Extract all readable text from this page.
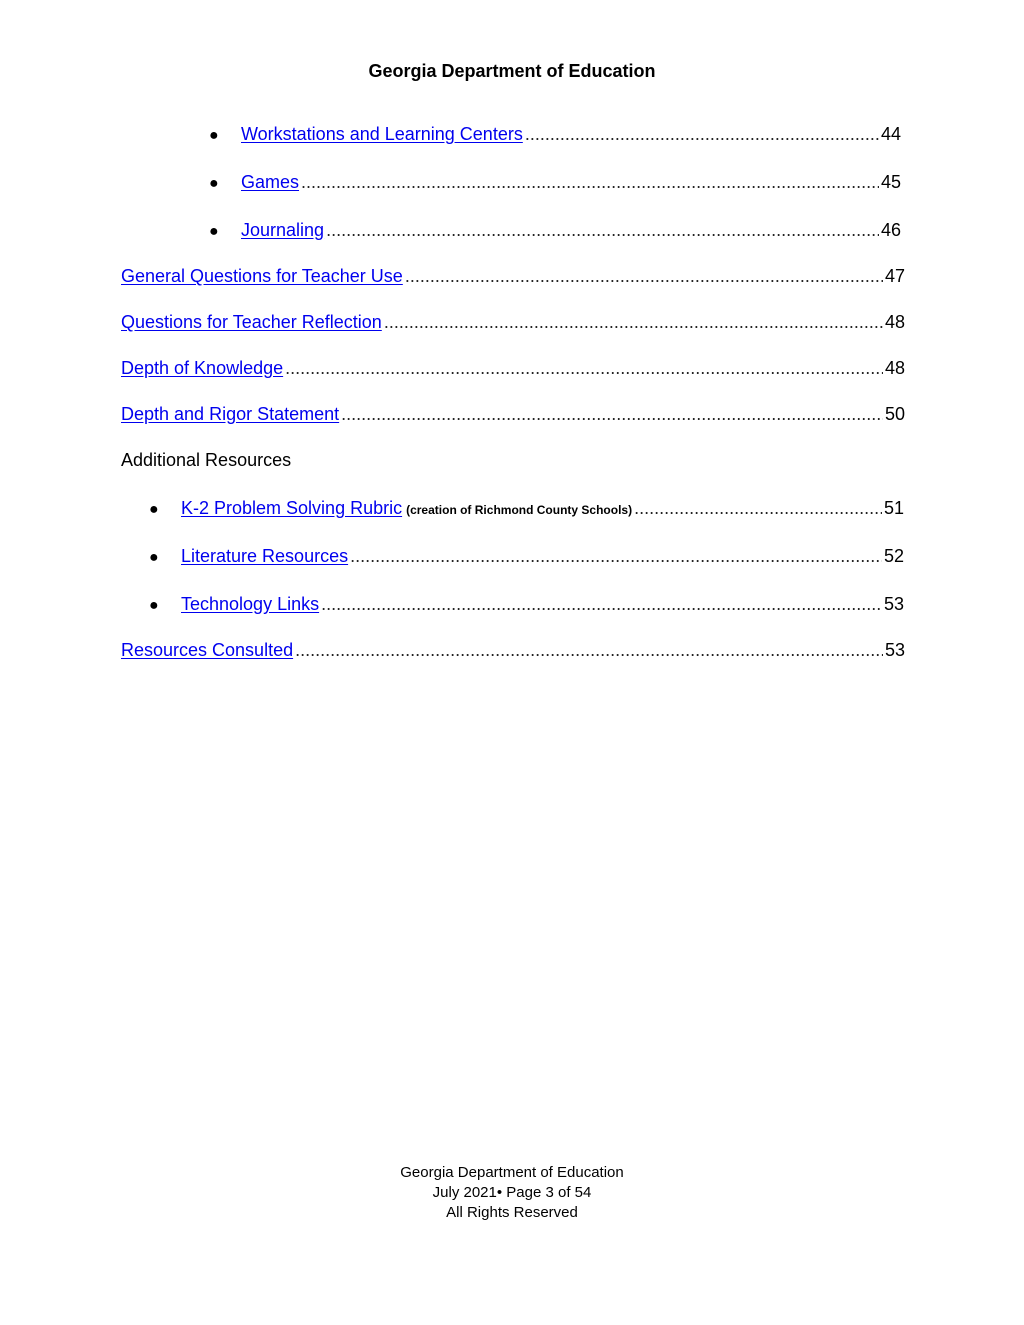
Georgia Department of Education
●	Workstations and Learning Centers .....	44
●	Games .....	45
●	Journaling .....	46
General Questions for Teacher Use .....	47
Questions for Teacher Reflection .....	48
Depth of Knowledge .....	48
Depth and Rigor Statement .....	50
Additional Resources
●	K-2 Problem Solving Rubric (creation of Richmond County Schools) .....	51
●	Literature Resources .....	52
●	Technology Links .....	53
Resources Consulted .....	53
Georgia Department of Education
July 2021• Page 3 of 54
All Rights Reserved
